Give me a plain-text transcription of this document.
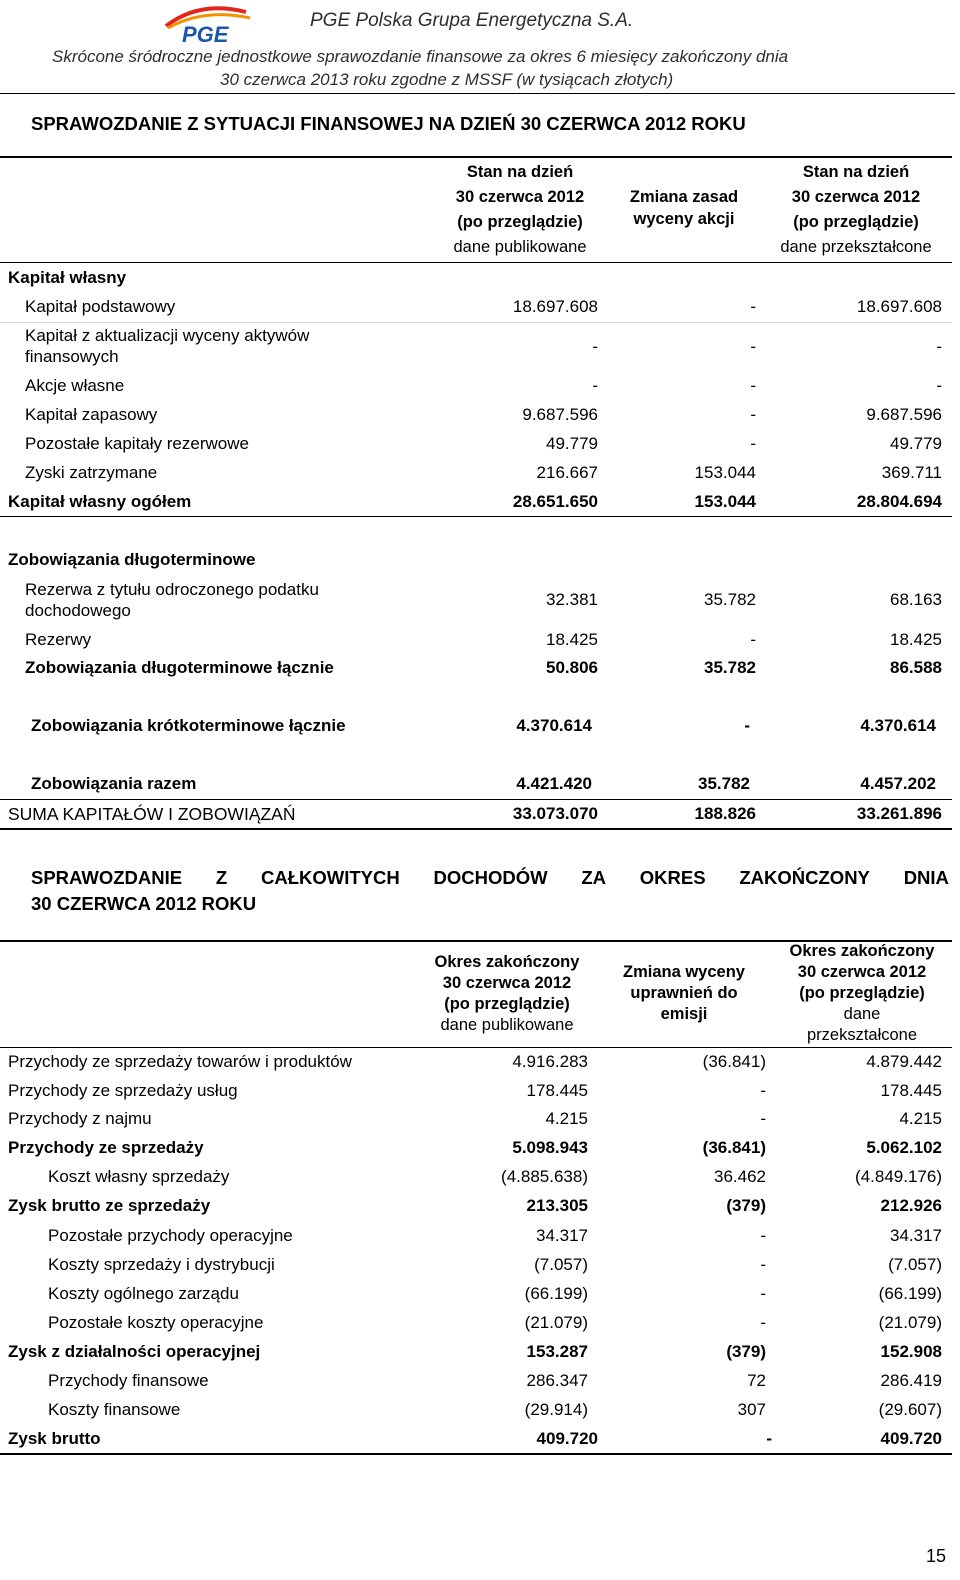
PGE
PGE Polska Grupa Energetyczna S.A.
Skrócone śródroczne jednostkowe sprawozdanie finansowe za okres 6 miesięcy zakończony dnia
30 czerwca 2013 roku zgodne z MSSF (w tysiącach złotych)
SPRAWOZDANIE Z SYTUACJI FINANSOWEJ NA DZIEŃ 30 CZERWCA 2012 ROKU
Stan na dzień
30 czerwca 2012
(po przeglądzie)
dane publikowane
Zmiana zasad
wyceny akcji
Stan na dzień
30 czerwca 2012
(po przeglądzie)
dane przekształcone
Kapitał własny
Kapitał podstawowy	18.697.608	-	18.697.608
Kapitał z aktualizacji wyceny aktywów
finansowych
-	-	-
Akcje własne	-	-	-
Kapitał zapasowy	9.687.596	-	9.687.596
Pozostałe kapitały rezerwowe	49.779	-	49.779
Zyski zatrzymane	216.667	153.044	369.711
Kapitał własny ogółem	28.651.650	153.044	28.804.694
Zobowiązania długoterminowe
Rezerwa z tytułu odroczonego podatku
dochodowego
32.381	35.782	68.163
Rezerwy	18.425	-	18.425
Zobowiązania długoterminowe łącznie	50.806	35.782	86.588
Zobowiązania krótkoterminowe łącznie	4.370.614	-	4.370.614
Zobowiązania razem	4.421.420	35.782	4.457.202
SUMA KAPITAŁÓW I ZOBOWIĄZAŃ	33.073.070	188.826	33.261.896
SPRAWOZDANIE Z CAŁKOWITYCH DOCHODÓW ZA OKRES ZAKOŃCZONY DNIA
30 CZERWCA 2012 ROKU
Okres zakończony
30 czerwca 2012
(po przeglądzie)
dane publikowane
Zmiana wyceny
uprawnień do
emisji
Okres zakończony
30 czerwca 2012
(po przeglądzie)
dane
przekształcone
Przychody ze sprzedaży towarów i produktów	4.916.283	(36.841)	4.879.442
Przychody ze sprzedaży usług	178.445	-	178.445
Przychody z najmu	4.215	-	4.215
Przychody ze sprzedaży	5.098.943	(36.841)	5.062.102
Koszt własny sprzedaży	(4.885.638)	36.462	(4.849.176)
Zysk brutto ze sprzedaży	213.305	(379)	212.926
Pozostałe przychody operacyjne	34.317	-	34.317
Koszty sprzedaży i dystrybucji	(7.057)	-	(7.057)
Koszty ogólnego zarządu	(66.199)	-	(66.199)
Pozostałe koszty operacyjne	(21.079)	-	(21.079)
Zysk z działalności operacyjnej	153.287	(379)	152.908
Przychody finansowe	286.347	72	286.419
Koszty finansowe	(29.914)	307	(29.607)
Zysk brutto	409.720	-	409.720
15
